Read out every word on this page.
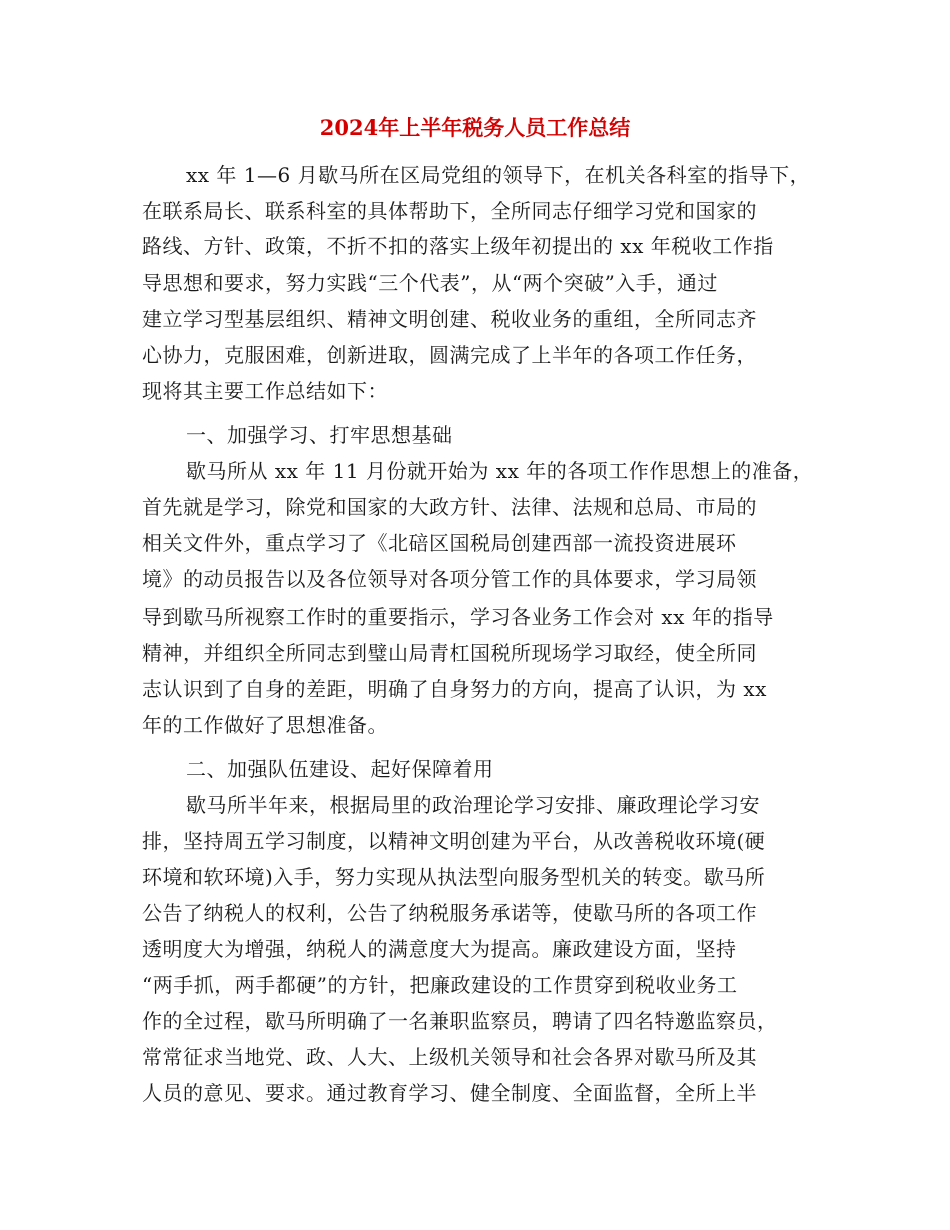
2024年上半年税务人员工作总结
xx 年 1—6 月歇马所在区局党组的领导下，在机关各科室的指导下，
在联系局长、联系科室的具体帮助下，全所同志仔细学习党和国家的
路线、方针、政策，不折不扣的落实上级年初提出的 xx 年税收工作指
导思想和要求，努力实践“三个代表”，从“两个突破”入手，通过
建立学习型基层组织、精神文明创建、税收业务的重组，全所同志齐
心协力，克服困难，创新进取，圆满完成了上半年的各项工作任务，
现将其主要工作总结如下：
一、加强学习、打牢思想基础
歇马所从 xx 年 11 月份就开始为 xx 年的各项工作作思想上的准备，
首先就是学习，除党和国家的大政方针、法律、法规和总局、市局的
相关文件外，重点学习了《北碚区国税局创建西部一流投资进展环
境》的动员报告以及各位领导对各项分管工作的具体要求，学习局领
导到歇马所视察工作时的重要指示，学习各业务工作会对 xx 年的指导
精神，并组织全所同志到璧山局青杠国税所现场学习取经，使全所同
志认识到了自身的差距，明确了自身努力的方向，提高了认识，为 xx
年的工作做好了思想准备。
二、加强队伍建设、起好保障着用
歇马所半年来，根据局里的政治理论学习安排、廉政理论学习安
排，坚持周五学习制度，以精神文明创建为平台，从改善税收环境(硬
环境和软环境)入手，努力实现从执法型向服务型机关的转变。歇马所
公告了纳税人的权利，公告了纳税服务承诺等，使歇马所的各项工作
透明度大为增强，纳税人的满意度大为提高。廉政建设方面，坚持
“两手抓，两手都硬”的方针，把廉政建设的工作贯穿到税收业务工
作的全过程，歇马所明确了一名兼职监察员，聘请了四名特邀监察员，
常常征求当地党、政、人大、上级机关领导和社会各界对歇马所及其
人员的意见、要求。通过教育学习、健全制度、全面监督，全所上半
